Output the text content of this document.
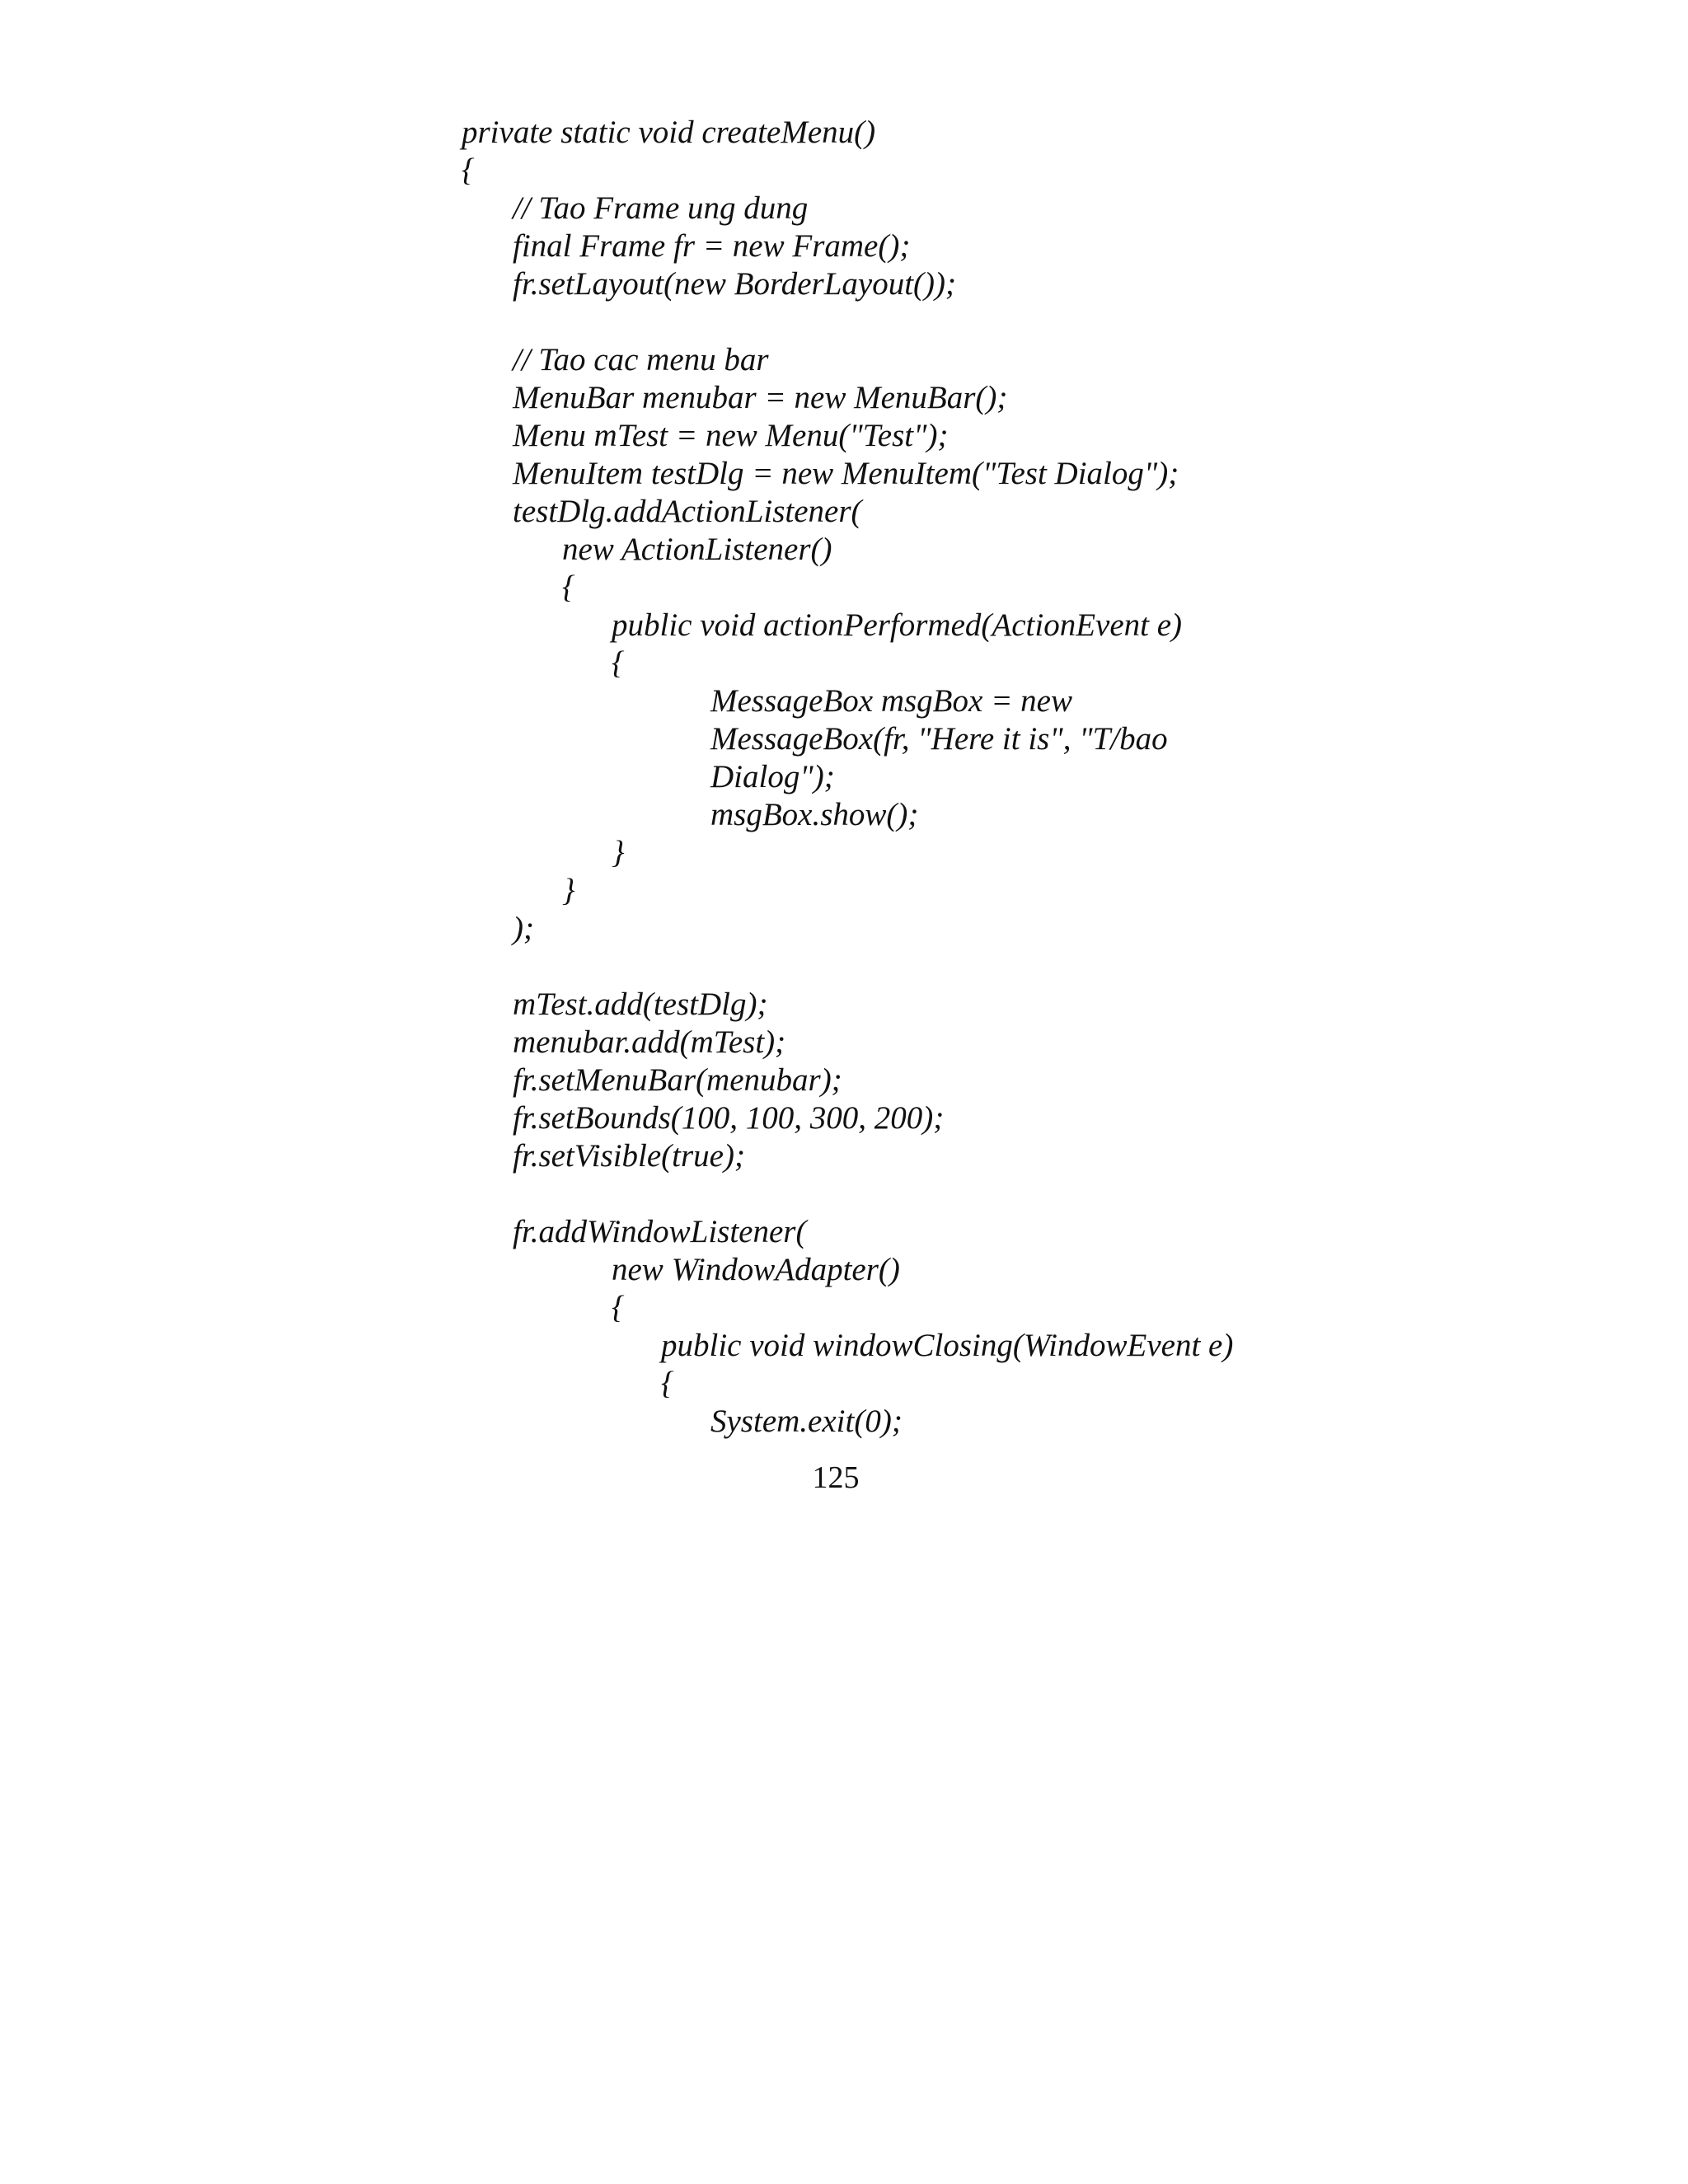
private static void createMenu()
{
// Tao Frame ung dung
final Frame fr = new Frame();
fr.setLayout(new BorderLayout());
// Tao cac menu bar
MenuBar menubar = new MenuBar();
Menu mTest = new Menu("Test");
MenuItem testDlg = new MenuItem("Test Dialog");
testDlg.addActionListener(
new ActionListener()
{
public void actionPerformed(ActionEvent e)
{
MessageBox msgBox = new
MessageBox(fr, "Here it is", "T/bao
Dialog");
msgBox.show();
}
}
);
mTest.add(testDlg);
menubar.add(mTest);
fr.setMenuBar(menubar);
fr.setBounds(100, 100, 300, 200);
fr.setVisible(true);
fr.addWindowListener(
new WindowAdapter()
{
public void windowClosing(WindowEvent e)
{
System.exit(0);
125
